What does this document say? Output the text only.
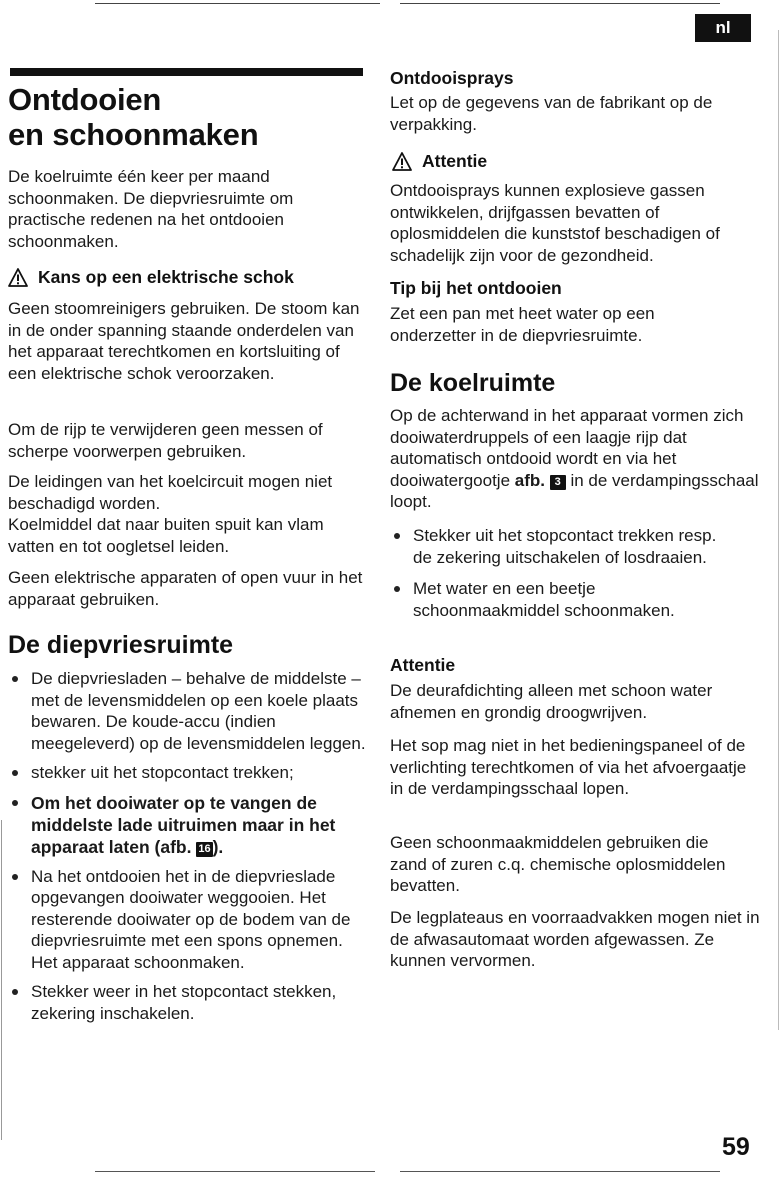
nl
Ontdooien
en schoonmaken

De koelruimte één keer per maand schoonmaken. De diepvriesruimte om practische redenen na het ontdooien schoonmaken.

Kans op een elektrische schok

Geen stoomreinigers gebruiken. De stoom kan in de onder spanning staande onderdelen van het apparaat terechtkomen en kortsluiting of een elektrische schok veroorzaken.

Om de rijp te verwijderen geen messen of scherpe voorwerpen gebruiken.

De leidingen van het koelcircuit mogen niet beschadigd worden.

Koelmiddel dat naar buiten spuit kan vlam vatten en tot oogletsel leiden.

Geen elektrische apparaten of open vuur in het apparaat gebruiken.

De diepvriesruimte
De diepvriesladen – behalve de middelste – met de levensmiddelen op een koele plaats bewaren. De koude-accu (indien meegeleverd) op de levensmiddelen leggen.
stekker uit het stopcontact trekken;
Om het dooiwater op te vangen de middelste lade uitruimen maar in het apparaat laten (afb. 16 ).
Na het ontdooien het in de diepvrieslade opgevangen dooiwater weggooien. Het resterende dooiwater op de bodem van de diepvriesruimte met een spons opnemen. Het apparaat schoonmaken.
Stekker weer in het stopcontact stekken, zekering inschakelen.
Ontdooisprays

Let op de gegevens van de fabrikant op de verpakking.

Attentie

Ontdooisprays kunnen explosieve gassen ontwikkelen, drijfgassen bevatten of oplosmiddelen die kunststof beschadigen of schadelijk zijn voor de gezondheid.

Tip bij het ontdooien

Zet een pan met heet water op een onderzetter in de diepvriesruimte.

De koelruimte

Op de achterwand in het apparaat vormen zich dooiwaterdruppels of een laagje rijp dat automatisch ontdooid wordt en via het dooiwatergootje afb. 3 in de verdampingsschaal loopt.

Stekker uit het stopcontact trekken resp. de zekering uitschakelen of losdraaien.
Met water en een beetje schoonmaakmiddel schoonmaken.
Attentie

De deurafdichting alleen met schoon water afnemen en grondig droogwrijven.

Het sop mag niet in het bedieningspaneel of de verlichting terechtkomen of via het afvoergaatje in de verdampingsschaal lopen.

Geen schoonmaakmiddelen gebruiken die zand of zuren c.q. chemische oplosmiddelen bevatten.

De legplateaus en voorraadvakken mogen niet in de afwasautomaat worden afgewassen. Ze kunnen vervormen.

59
